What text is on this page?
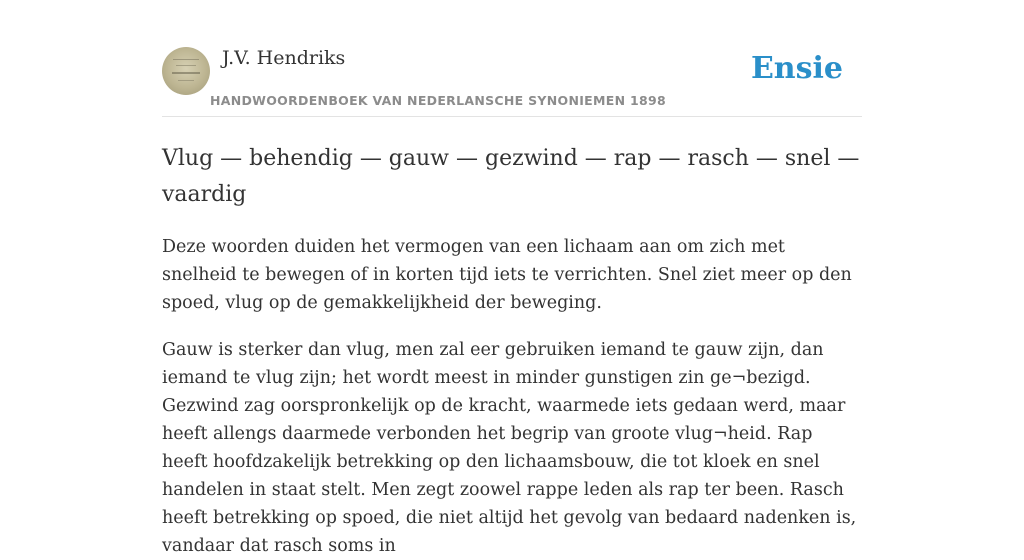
J.V. Hendriks
HANDWOORDENBOEK VAN NEDERLANSCHE SYNONIEMEN 1898
Ensie
Vlug — behendig — gauw — gezwind — rap — rasch — snel — vaardig

Deze woorden duiden het vermogen van een lichaam aan om zich met snelheid te bewegen of in korten tijd iets te verrichten. Snel ziet meer op den spoed, vlug op de gemakkelijkheid der beweging.

Gauw is sterker dan vlug, men zal eer gebruiken iemand te gauw zijn, dan iemand te vlug zijn; het wordt meest in minder gunstigen zin ge¬bezigd. Gezwind zag oorspronkelijk op de kracht, waarmede iets gedaan werd, maar heeft allengs daarmede verbonden het begrip van groote vlug¬heid. Rap heeft hoofdzakelijk betrekking op den lichaamsbouw, die tot kloek en snel handelen in staat stelt. Men zegt zoowel rappe leden als rap ter been. Rasch heeft betrekking op spoed, die niet altijd het gevolg van bedaard nadenken is, vandaar dat rasch soms in
